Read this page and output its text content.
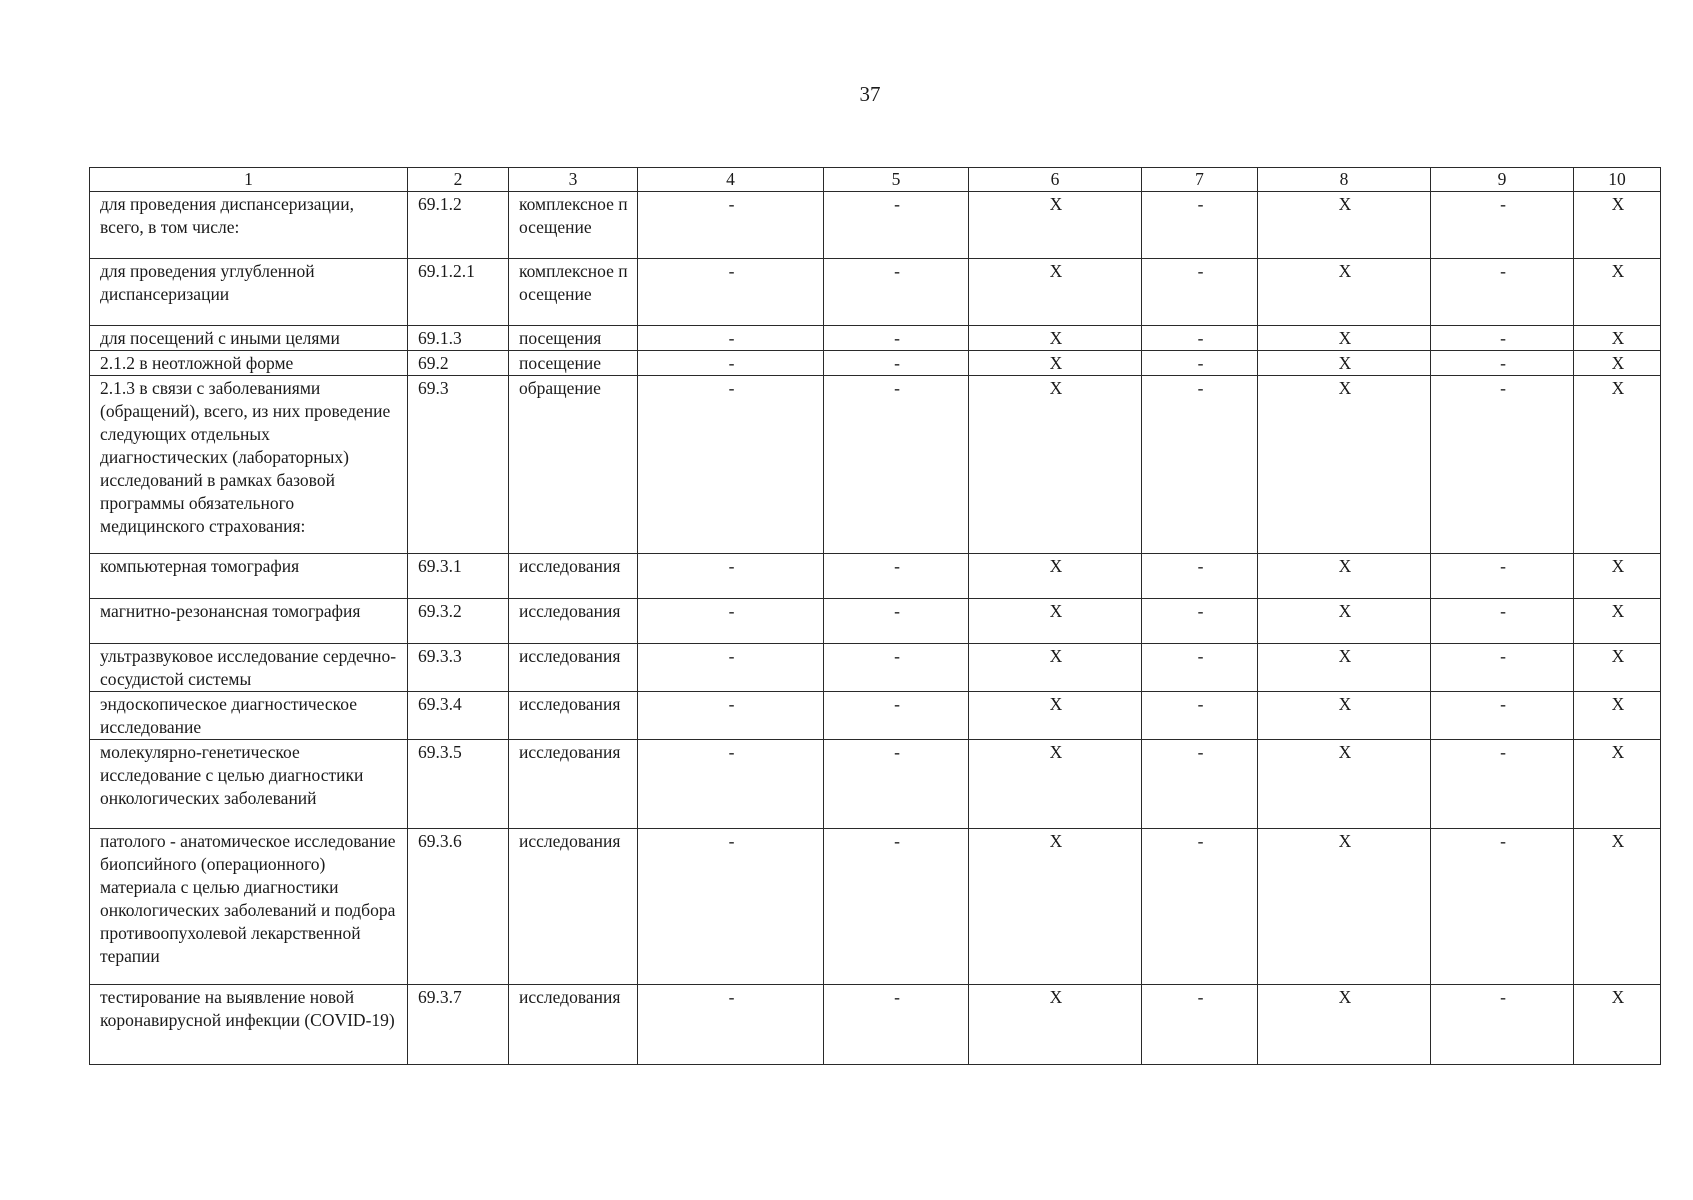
37
1	2	3	4	5	6	7	8	9	10
для проведения диспансеризации, всего, в том числе:	69.1.2	комплексное посещение	-	-	X	-	X	-	X
для проведения углубленной диспансеризации	69.1.2.1	комплексное посещение	-	-	X	-	X	-	X
для посещений с иными целями	69.1.3	посещения	-	-	X	-	X	-	X
2.1.2 в неотложной форме	69.2	посещение	-	-	X	-	X	-	X
2.1.3 в связи с заболеваниями (обращений), всего, из них проведение следующих отдельных диагностических (лабораторных) исследований в рамках базовой программы обязательного медицинского страхования:	69.3	обращение	-	-	X	-	X	-	X
компьютерная томография	69.3.1	исследования	-	-	X	-	X	-	X
магнитно-резонансная томография	69.3.2	исследования	-	-	X	-	X	-	X
ультразвуковое исследование сердечно-сосудистой системы	69.3.3	исследования	-	-	X	-	X	-	X
эндоскопическое диагностическое исследование	69.3.4	исследования	-	-	X	-	X	-	X
молекулярно-генетическое исследование с целью диагностики онкологических заболеваний	69.3.5	исследования	-	-	X	-	X	-	X
патолого - анатомическое исследование биопсийного (операционного) материала с целью диагностики онкологических заболеваний и подбора противоопухолевой лекарственной терапии	69.3.6	исследования	-	-	X	-	X	-	X
тестирование на выявление новой коронавирусной инфекции (COVID-19)	69.3.7	исследования	-	-	X	-	X	-	X
